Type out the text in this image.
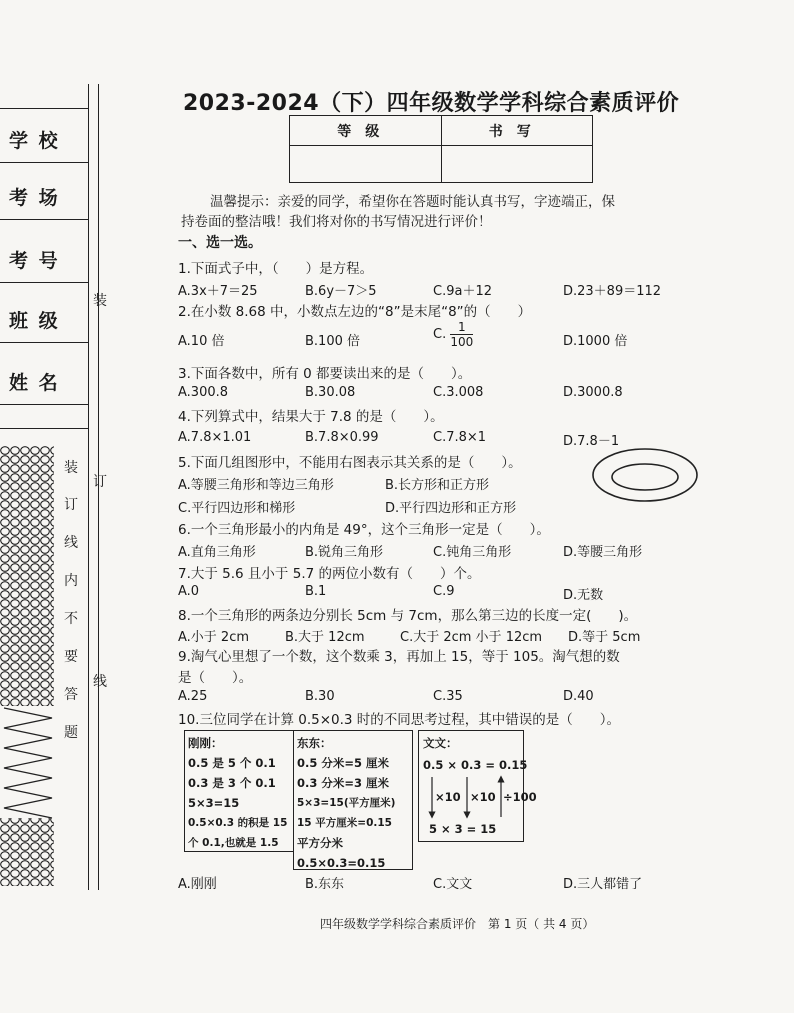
学 校
考 场
考 号
班 级
姓 名
装
订
线
内
不
要
答
题
装
订
线
2023-2024（下）四年级数学学科综合素质评价
等级	书写

温馨提示：亲爱的同学，希望你在答题时能认真书写，字迹端正，保
持卷面的整洁哦！我们将对你的书写情况进行评价！
一、选一选。
1.下面式子中，（　　）是方程。
A.3x＋7＝25	B.6y－7＞5	C.9a＋12	D.23＋89＝112
2.在小数 8.68 中，小数点左边的“8”是末尾“8”的（　　）
A.10 倍	B.100 倍	C. $\frac{1}{100}$	D.1000 倍
3.下面各数中，所有 0 都要读出来的是（　　）。
A.300.8	B.30.08	C.3.008	D.3000.8
4.下列算式中，结果大于 7.8 的是（　　）。
A.7.8×1.01	B.7.8×0.99	C.7.8×1	D.7.8－1
5.下面几组图形中，不能用右图表示其关系的是（　　）。
A.等腰三角形和等边三角形	B.长方形和正方形
C.平行四边形和梯形	D.平行四边形和正方形
6.一个三角形最小的内角是 49°，这个三角形一定是（　　）。
A.直角三角形	B.锐角三角形	C.钝角三角形	D.等腰三角形
7.大于 5.6 且小于 5.7 的两位小数有（　　）个。
A.0	B.1	C.9	D.无数
8.一个三角形的两条边分别长 5cm 与 7cm，那么第三边的长度一定(　　)。
A.小于 2cm	B.大于 12cm	C.大于 2cm 小于 12cm D.等于 5cm
9.淘气心里想了一个数，这个数乘 3，再加上 15，等于 105。淘气想的数
是（　　）。
A.25	B.30	C.35	D.40
10.三位同学在计算 0.5×0.3 时的不同思考过程，其中错误的是（　　）。
刚刚：
0.5 是 5 个 0.1
0.3 是 3 个 0.1
5×3=15
0.5×0.3 的积是 15
个 0.1,也就是 1.5
东东：
0.5 分米=5 厘米
0.3 分米=3 厘米
5×3=15(平方厘米)
15 平方厘米=0.15
平方分米
0.5×0.3=0.15
文文：
0.5 × 0.3 = 0.15
×10 ×10 ÷100
5 × 3 = 15
A.刚刚	B.东东	C.文文	D.三人都错了
四年级数学学科综合素质评价　第 1 页（ 共 4 页）
